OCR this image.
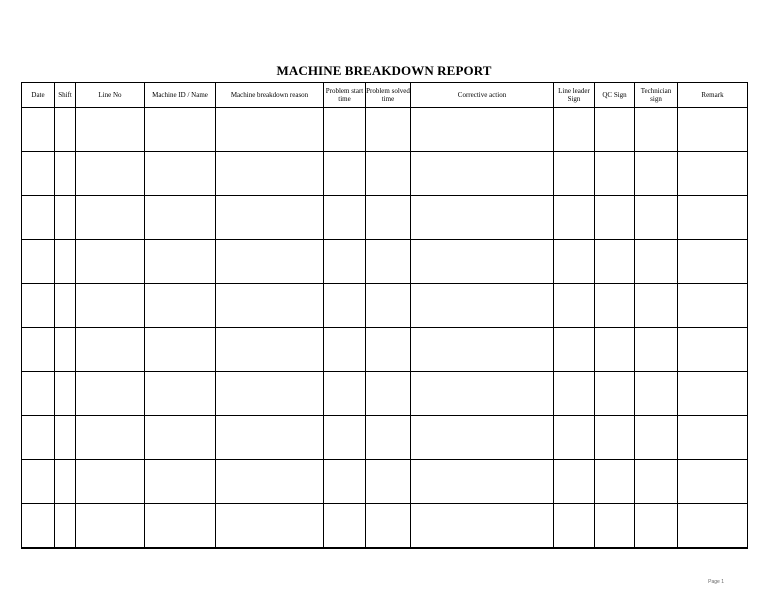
MACHINE BREAKDOWN REPORT
Date	Shift	Line No	Machine ID / Name	Machine breakdown reason	Problem start time	Problem solved time	Corrective action	Line leader Sign	QC Sign	Technician sign	Remark

Page 1
